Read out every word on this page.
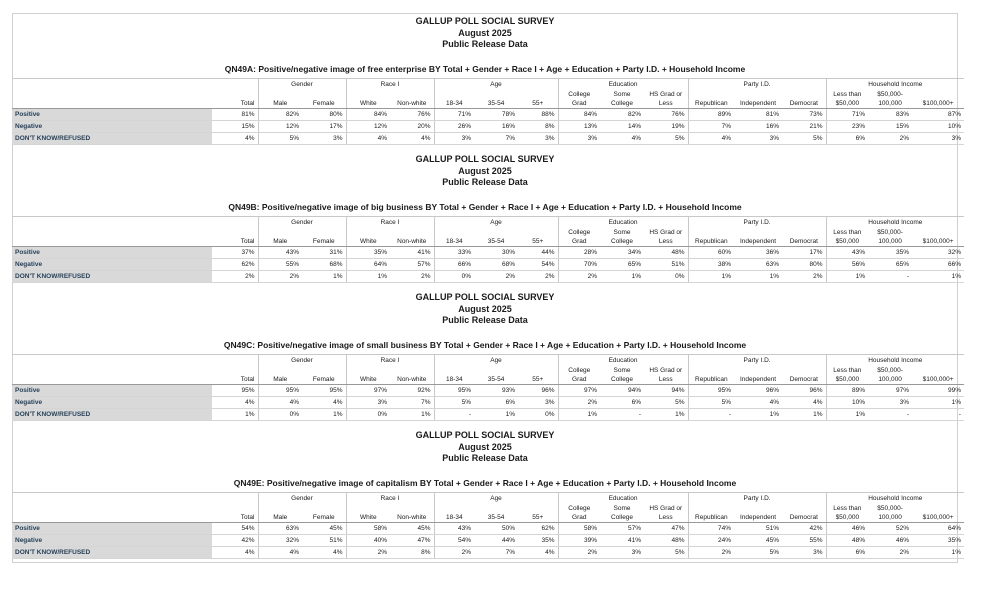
GALLUP POLL SOCIAL SURVEY
August 2025
Public Release Data
QN49A: Positive/negative image of free enterprise BY Total + Gender + Race I + Age + Education + Party I.D. + Household Income
		Gender		Race I		Age			Education			Party I.D.			Household Income		
									College	Some	HS Grad or				Less than	$50,000-	
	Total	Male	Female	White	Non-white	18-34	35-54	55+	Grad	College	Less	Republican	Independent	Democrat	$50,000	100,000	$100,000+
Positive	81%	82%	80%	84%	76%	71%	78%	88%	84%	82%	76%	89%	81%	73%	71%	83%	87%
Negative	15%	12%	17%	12%	20%	26%	16%	8%	13%	14%	19%	7%	16%	21%	23%	15%	10%
DON'T KNOW/REFUSED	4%	5%	3%	4%	4%	3%	7%	3%	3%	4%	5%	4%	3%	5%	6%	2%	3%
GALLUP POLL SOCIAL SURVEY
August 2025
Public Release Data
QN49B: Positive/negative image of big business BY Total + Gender + Race I + Age + Education + Party I.D. + Household Income
		Gender		Race I		Age			Education			Party I.D.			Household Income		
									College	Some	HS Grad or				Less than	$50,000-	
	Total	Male	Female	White	Non-white	18-34	35-54	55+	Grad	College	Less	Republican	Independent	Democrat	$50,000	100,000	$100,000+
Positive	37%	43%	31%	35%	41%	33%	30%	44%	28%	34%	48%	60%	36%	17%	43%	35%	32%
Negative	62%	55%	68%	64%	57%	66%	68%	54%	70%	65%	51%	38%	63%	80%	56%	65%	66%
DON'T KNOW/REFUSED	2%	2%	1%	1%	2%	0%	2%	2%	2%	1%	0%	1%	1%	2%	1%	-	1%
GALLUP POLL SOCIAL SURVEY
August 2025
Public Release Data
QN49C: Positive/negative image of small business BY Total + Gender + Race I + Age + Education + Party I.D. + Household Income
		Gender		Race I		Age			Education			Party I.D.			Household Income		
									College	Some	HS Grad or				Less than	$50,000-	
	Total	Male	Female	White	Non-white	18-34	35-54	55+	Grad	College	Less	Republican	Independent	Democrat	$50,000	100,000	$100,000+
Positive	95%	95%	95%	97%	92%	95%	93%	96%	97%	94%	94%	95%	96%	96%	89%	97%	99%
Negative	4%	4%	4%	3%	7%	5%	6%	3%	2%	6%	5%	5%	4%	4%	10%	3%	1%
DON'T KNOW/REFUSED	1%	0%	1%	0%	1%	-	1%	0%	1%	-	1%	-	1%	1%	1%	-	-
GALLUP POLL SOCIAL SURVEY
August 2025
Public Release Data
QN49E: Positive/negative image of capitalism BY Total + Gender + Race I + Age + Education + Party I.D. + Household Income
		Gender		Race I		Age			Education			Party I.D.			Household Income		
									College	Some	HS Grad or				Less than	$50,000-	
	Total	Male	Female	White	Non-white	18-34	35-54	55+	Grad	College	Less	Republican	Independent	Democrat	$50,000	100,000	$100,000+
Positive	54%	63%	45%	58%	45%	43%	50%	62%	58%	57%	47%	74%	51%	42%	46%	52%	64%
Negative	42%	32%	51%	40%	47%	54%	44%	35%	39%	41%	48%	24%	45%	55%	48%	46%	35%
DON'T KNOW/REFUSED	4%	4%	4%	2%	8%	2%	7%	4%	2%	3%	5%	2%	5%	3%	6%	2%	1%
